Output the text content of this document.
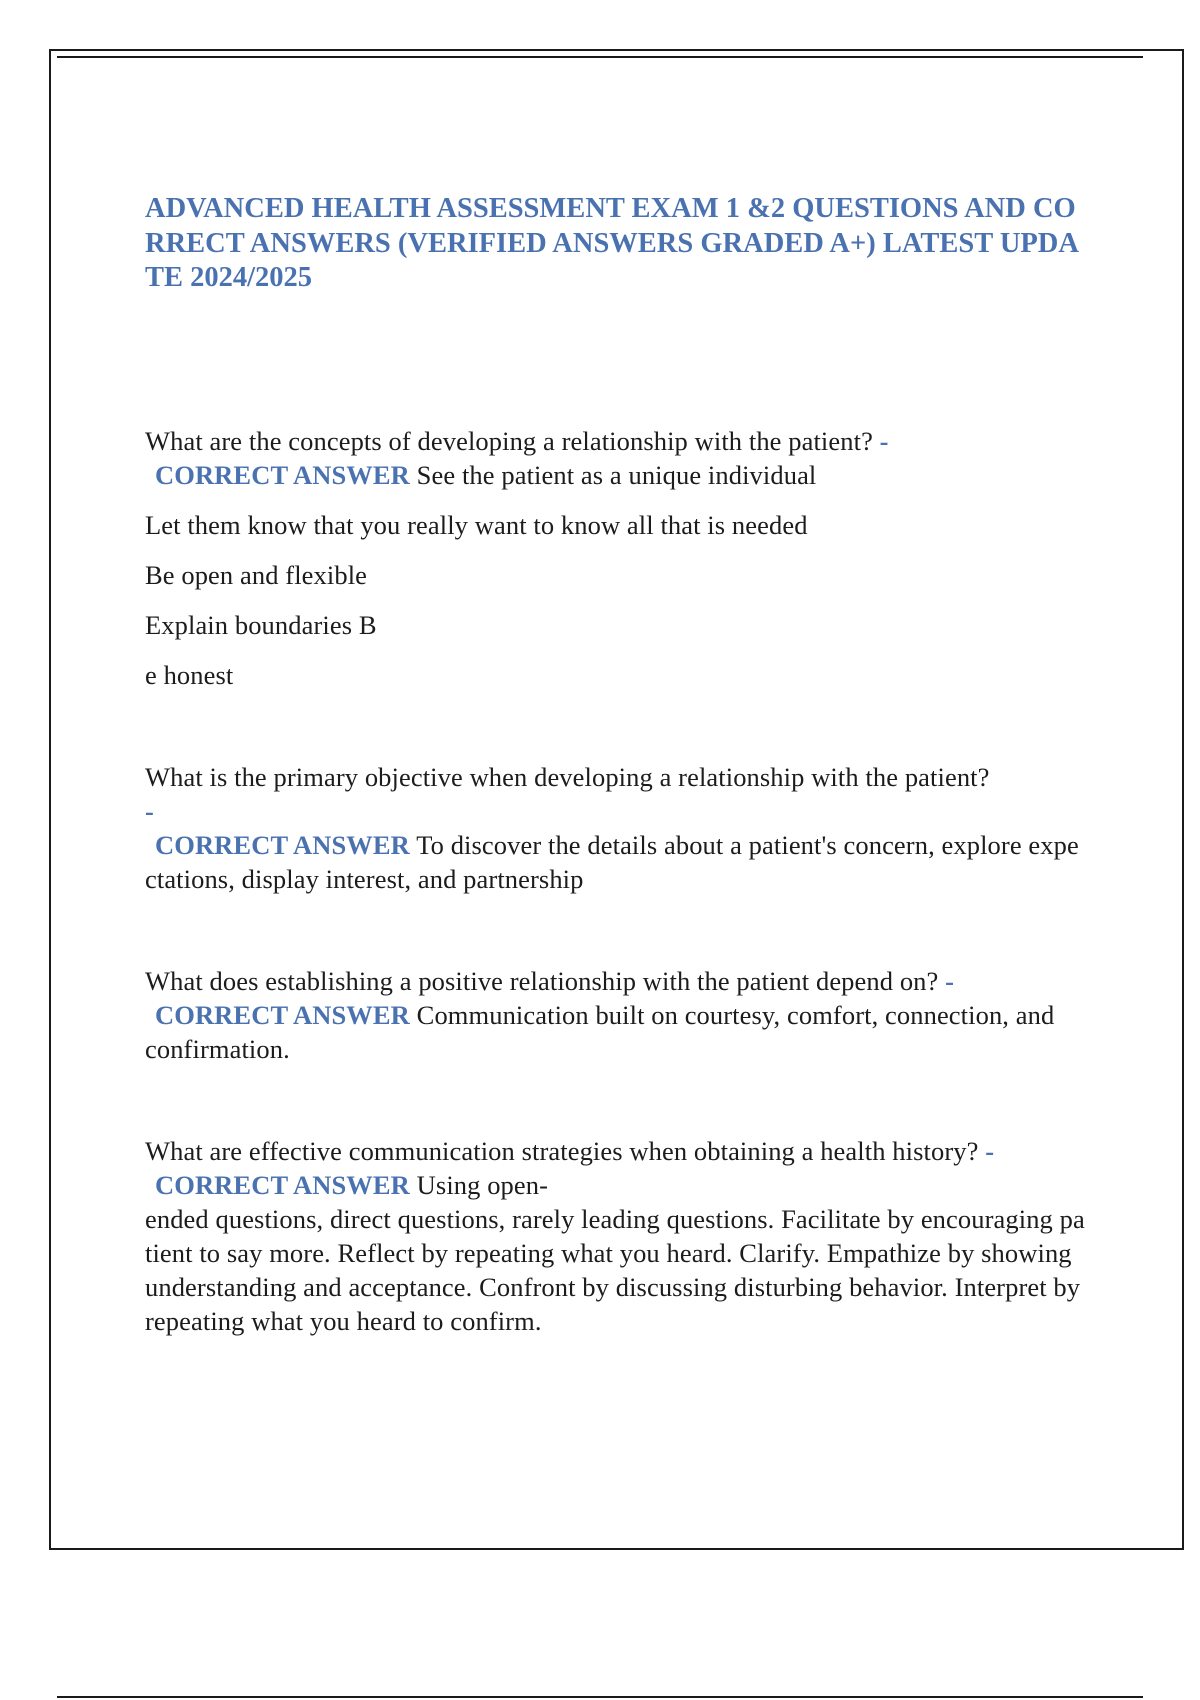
ADVANCED HEALTH ASSESSMENT EXAM 1 &2 QUESTIONS AND CORRECT ANSWERS (VERIFIED ANSWERS GRADED A+) LATEST UPDATE 2024/2025
What are the concepts of developing a relationship with the patient? -
CORRECT ANSWER See the patient as a unique individual

Let them know that you really want to know all that is needed

Be open and flexible

Explain boundaries B

e honest

What is the primary objective when developing a relationship with the patient?
-
CORRECT ANSWER To discover the details about a patient's concern, explore expectations, display interest, and partnership
What does establishing a positive relationship with the patient depend on? -
CORRECT ANSWER Communication built on courtesy, comfort, connection, and confirmation.
What are effective communication strategies when obtaining a health history? -
CORRECT ANSWER Using open-
ended questions, direct questions, rarely leading questions. Facilitate by encouraging patient to say more. Reflect by repeating what you heard. Clarify. Empathize by showing understanding and acceptance. Confront by discussing disturbing behavior. Interpret by repeating what you heard to confirm.
